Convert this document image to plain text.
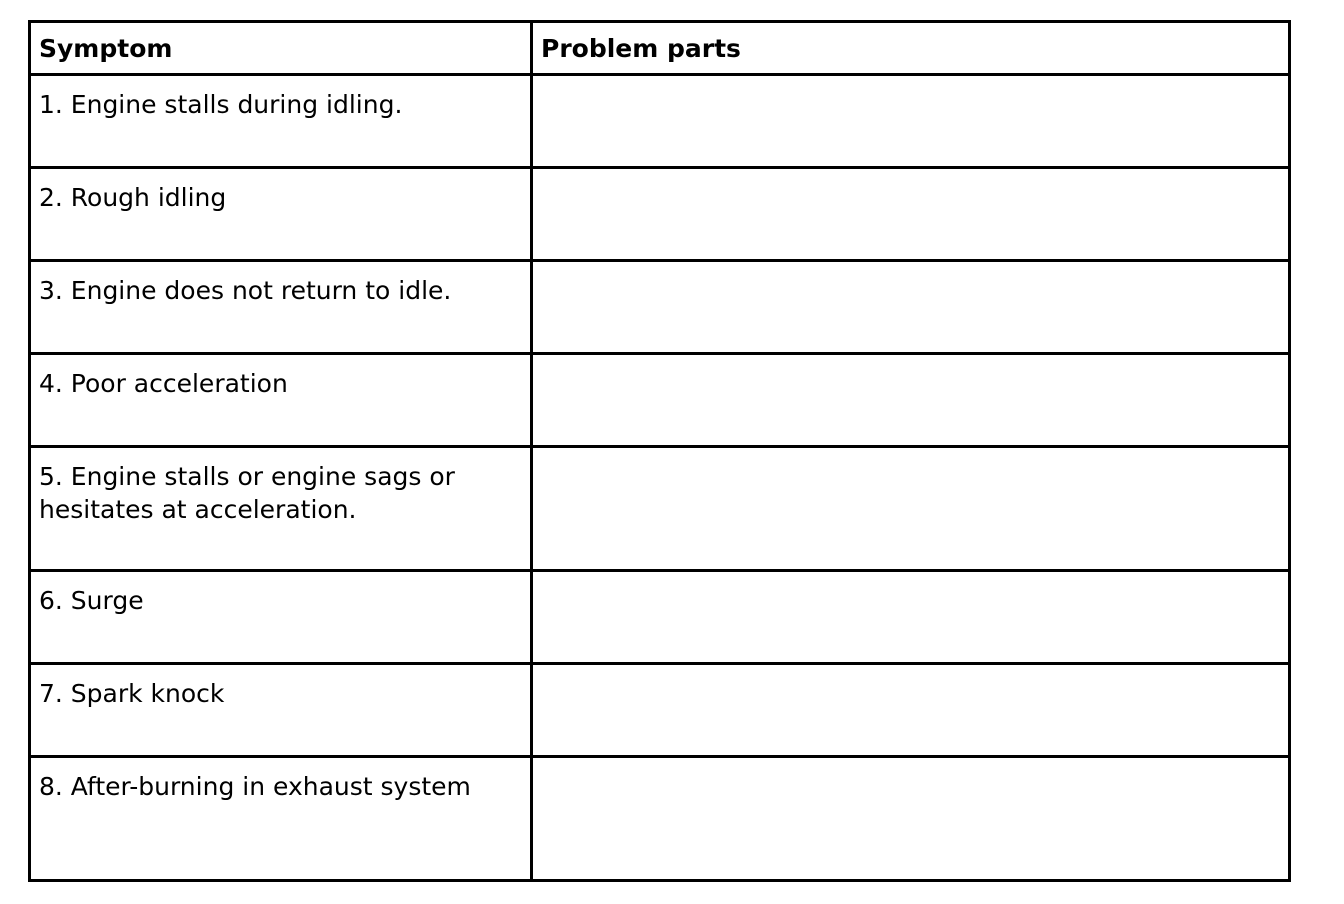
Symptom	Problem parts
1. Engine stalls during idling.	
2. Rough idling	
3. Engine does not return to idle.	
4. Poor acceleration	
5. Engine stalls or engine sags or hesitates at acceleration.	
6. Surge	
7. Spark knock	
8. After-burning in exhaust system	
